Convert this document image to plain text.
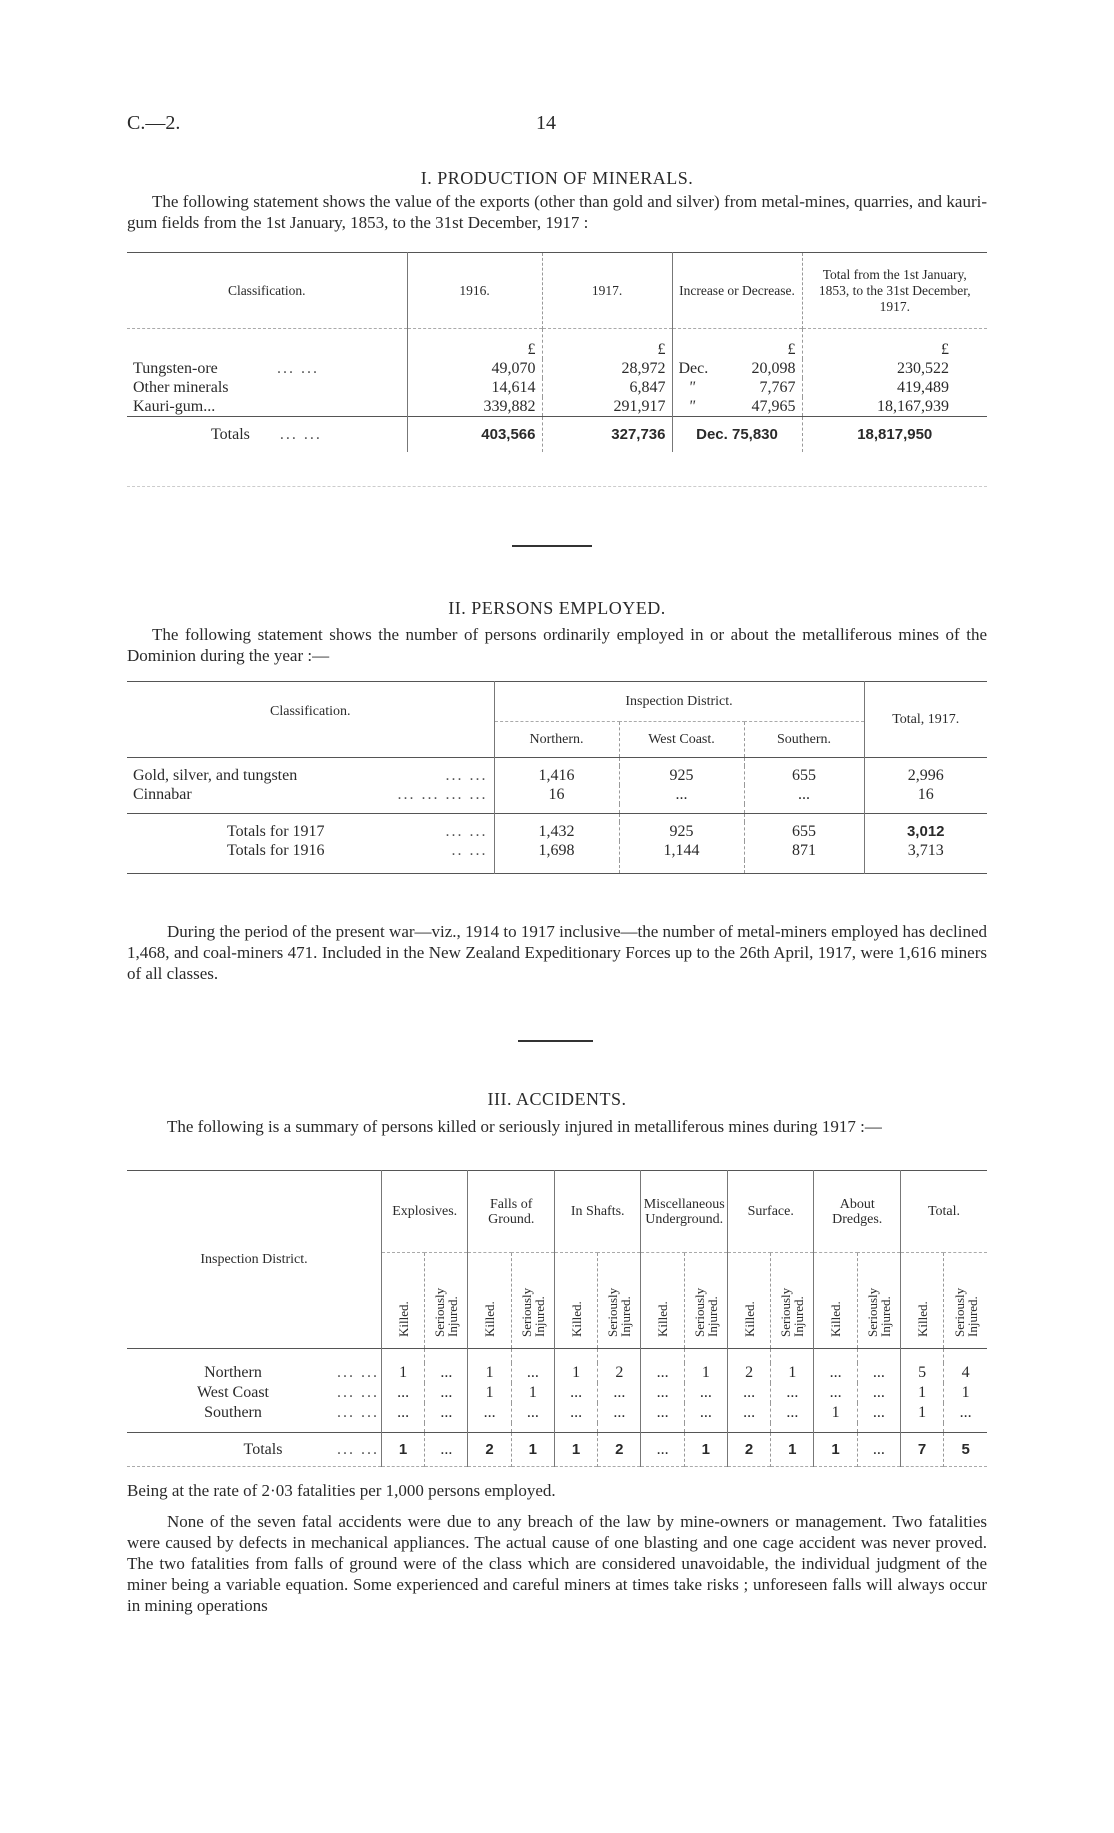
C.—2.	14
I. PRODUCTION OF MINERALS.
The following statement shows the value of the exports (other than gold and silver) from metal-mines, quarries, and kauri-gum fields from the 1st January, 1853, to the 31st December, 1917 :
Classification.	1916.	1917.	Increase or Decrease.	Total from the 1st January, 1853, to the 31st December, 1917.
	£	£	£	£
Tungsten-ore ... ...	49,070	28,972	Dec. 20,098	230,522
Other minerals	14,614	6,847	" 7,767	419,489
Kauri-gum...	339,882	291,917	" 47,965	18,167,939
Totals ... ...	403,566	327,736	Dec. 75,830	18,817,950
II. PERSONS EMPLOYED.
The following statement shows the number of persons ordinarily employed in or about the metalliferous mines of the Dominion during the year :—
Classification.	Inspection District.			Total, 1917.
	Northern.	West Coast.	Southern.	

Gold, silver, and tungsten ... ...	1,416	925	655	2,996
Cinnabar ... ... ... ...	16	...	...	16

Totals for 1917 ... ...	1,432	925	655	3,012
Totals for 1916 .. ...	1,698	1,144	871	3,713

During the period of the present war—viz., 1914 to 1917 inclusive—the number of metal-miners employed has declined 1,468, and coal-miners 471. Included in the New Zealand Expeditionary Forces up to the 26th April, 1917, were 1,616 miners of all classes.
III. ACCIDENTS.
The following is a summary of persons killed or seriously injured in metalliferous mines during 1917 :—
Inspection District.	Explosives.		Falls of Ground.		In Shafts.		Miscellaneous Underground.		Surface.		About Dredges.		Total.	
	Killed.	Seriously Injured.	Killed.	Seriously Injured.	Killed.	Seriously Injured.	Killed.	Seriously Injured.	Killed.	Seriously Injured.	Killed.	Seriously Injured.	Killed.	Seriously Injured.

Northern ... ...	1	...	1	...	1	2	...	1	2	1	...	...	5	4
West Coast ... ...	...	...	1	1	...	...	...	...	...	...	...	...	1	1
Southern ... ...	...	...	...	...	...	...	...	...	...	...	1	...	1	...

Totals ... ...	1	...	2	1	1	2	...	1	2	1	1	...	7	5
Being at the rate of 2·03 fatalities per 1,000 persons employed.
None of the seven fatal accidents were due to any breach of the law by mine-owners or management. Two fatalities were caused by defects in mechanical appliances. The actual cause of one blasting and one cage accident was never proved. The two fatalities from falls of ground were of the class which are considered unavoidable, the individual judgment of the miner being a variable equation. Some experienced and careful miners at times take risks ; unforeseen falls will always occur in mining operations
